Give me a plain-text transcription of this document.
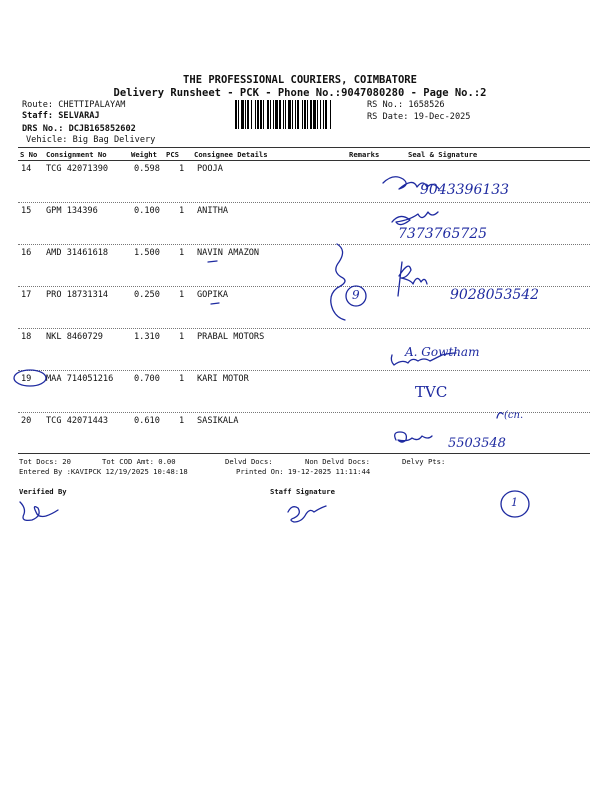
THE PROFESSIONAL COURIERS, COIMBATORE
Delivery Runsheet - PCK - Phone No.:9047080280 - Page No.:2
Route: CHETTIPALAYAM
Staff: SELVARAJ
DRS No.: DCJB165852602
Vehicle: Big Bag Delivery
RS No.: 1658526
RS Date: 19-Dec-2025
S No Consignment No	Weight PCS Consignee Details	Remarks	Seal & Signature
14 TCG 42071390	0.598 1 POOJA
15 GPM 134396	0.100 1 ANITHA
16 AMD 31461618	1.500 1 NAVIN AMAZON
17 PRO 18731314	0.250 1 GOPIKA
18 NKL 8460729	1.310 1 PRABAL MOTORS
19 MAA 714051216 0.700 1 KARI MOTOR
20 TCG 42071443	0.610 1 SASIKALA
Tot Docs: 20	Tot COD Amt: 0.00	Delvd Docs:	Non Delvd Docs:	Delvy Pts:
Entered By :KAVIPCK 12/19/2025 10:48:18	Printed On: 19-12-2025 11:11:44
Verified By	Staff Signature
9043396133
7373765725
9028053542
9
A. Gowtham
TVC
(cn.
5503548
1
